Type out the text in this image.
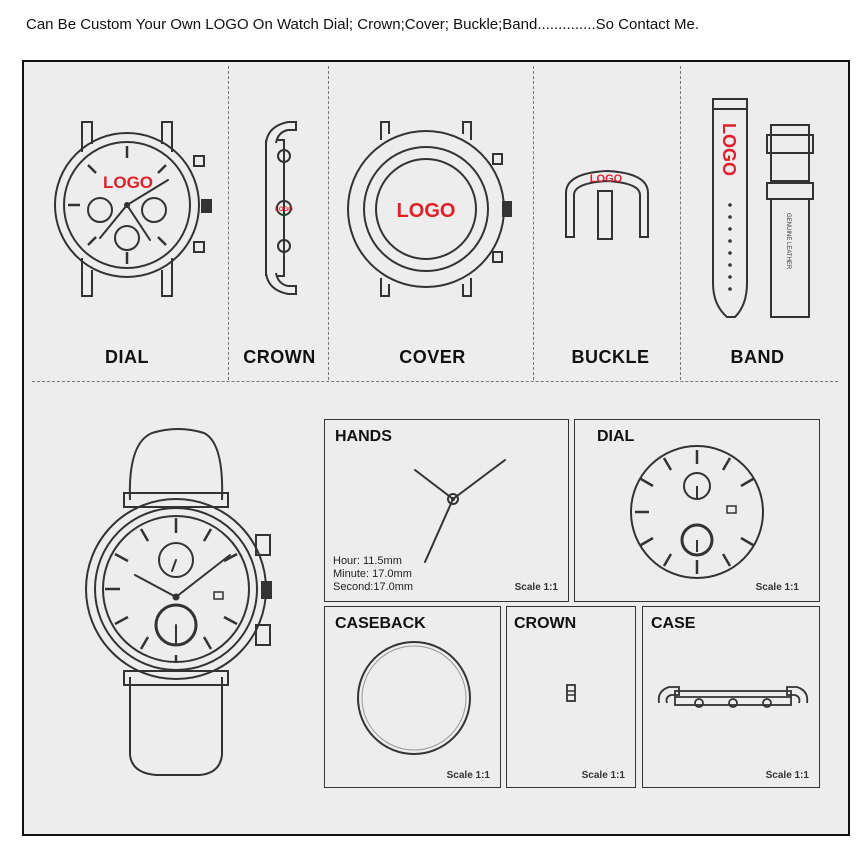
Can Be Custom Your Own LOGO On Watch Dial; Crown;Cover; Buckle;Band..............So Contact Me.
LOGO
LOGO	LOGO
LOGO
LOGO
GENUINE LEATHER
DIAL	CROWN	COVER	BUCKLE	BAND
HANDS
Hour: 11.5mm
Minute: 17.0mm
Second:17.0mm	Scale 1:1
DIAL
Scale 1:1
CASEBACK
Scale 1:1
CROWN
Scale 1:1
CASE
Scale 1:1
